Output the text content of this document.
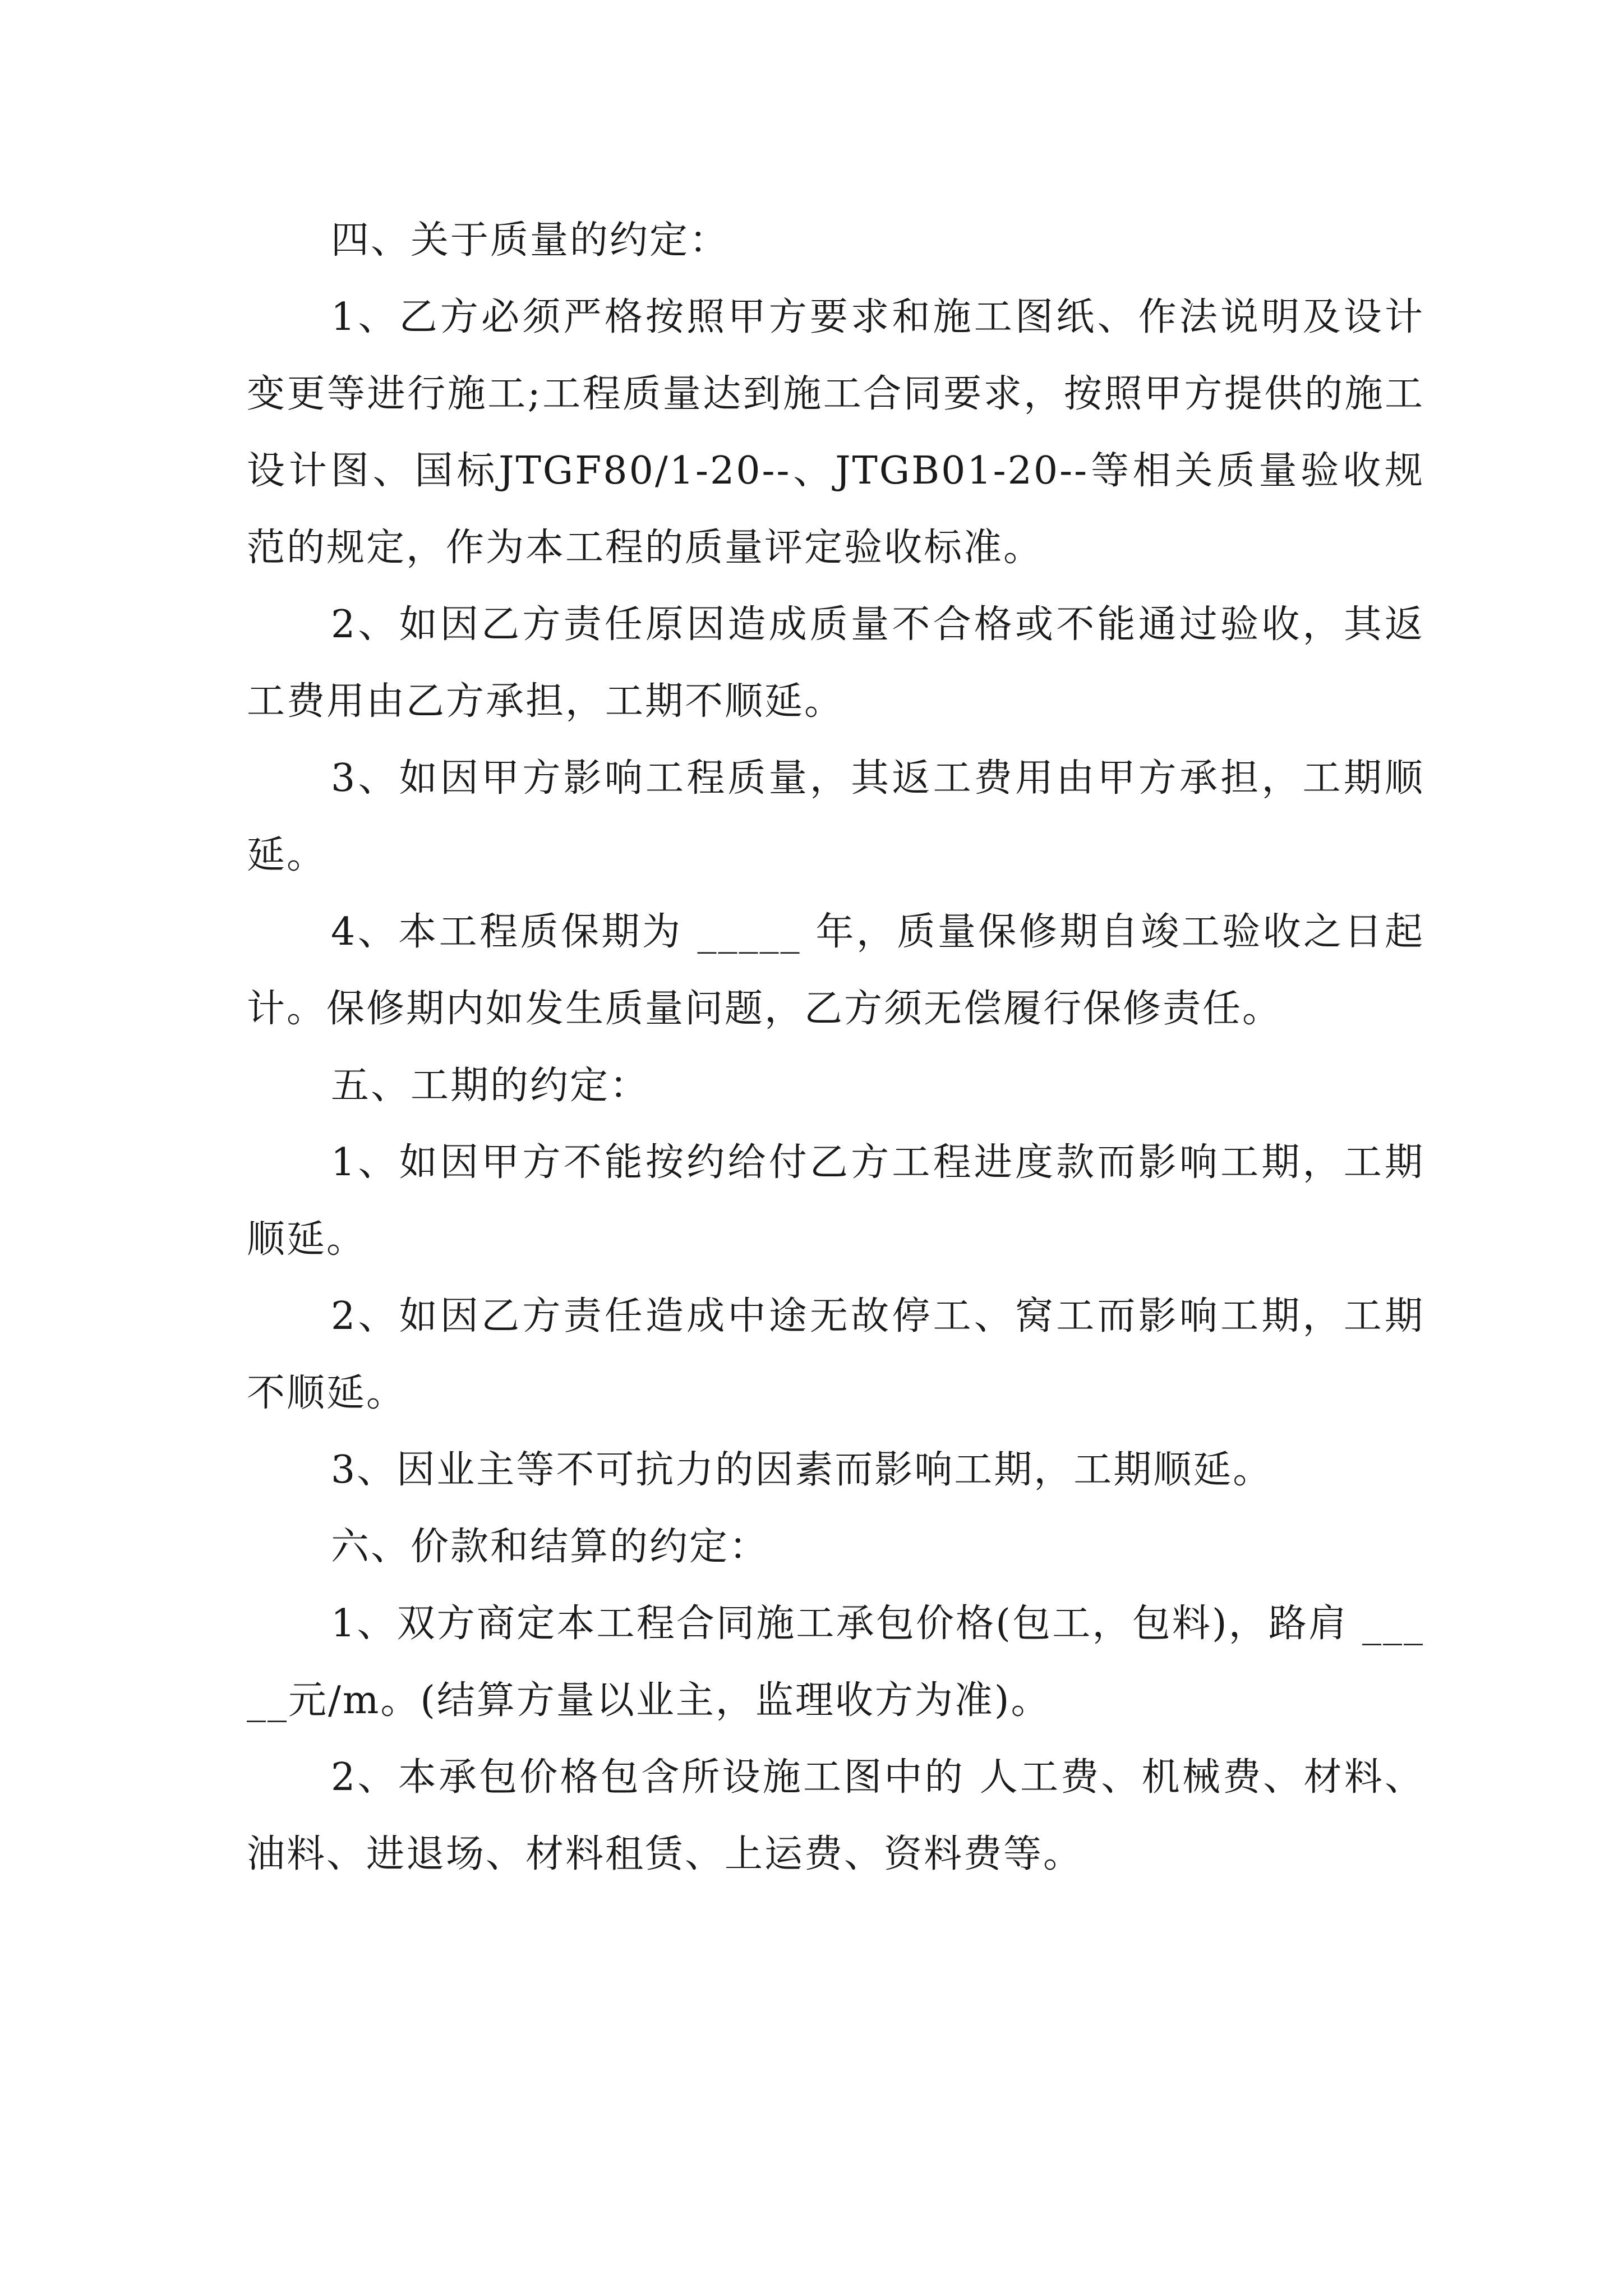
四、关于质量的约定：

1、乙方必须严格按照甲方要求和施工图纸、作法说明及设计变更等进行施工;工程质量达到施工合同要求，按照甲方提供的施工设计图、国标JTGF80/1-20--、JTGB01-20--等相关质量验收规范的规定，作为本工程的质量评定验收标准。

2、如因乙方责任原因造成质量不合格或不能通过验收，其返工费用由乙方承担，工期不顺延。

3、如因甲方影响工程质量，其返工费用由甲方承担，工期顺延。

4、本工程质保期为 _____ 年，质量保修期自竣工验收之日起计。保修期内如发生质量问题，乙方须无偿履行保修责任。

五、工期的约定：

1、如因甲方不能按约给付乙方工程进度款而影响工期，工期顺延。

2、如因乙方责任造成中途无故停工、窝工而影响工期，工期不顺延。

3、因业主等不可抗力的因素而影响工期，工期顺延。

六、价款和结算的约定：

1、双方商定本工程合同施工承包价格(包工，包料)，路肩 _____元/m。(结算方量以业主，监理收方为准)。

2、本承包价格包含所设施工图中的 人工费、机械费、材料、油料、进退场、材料租赁、上运费、资料费等。
